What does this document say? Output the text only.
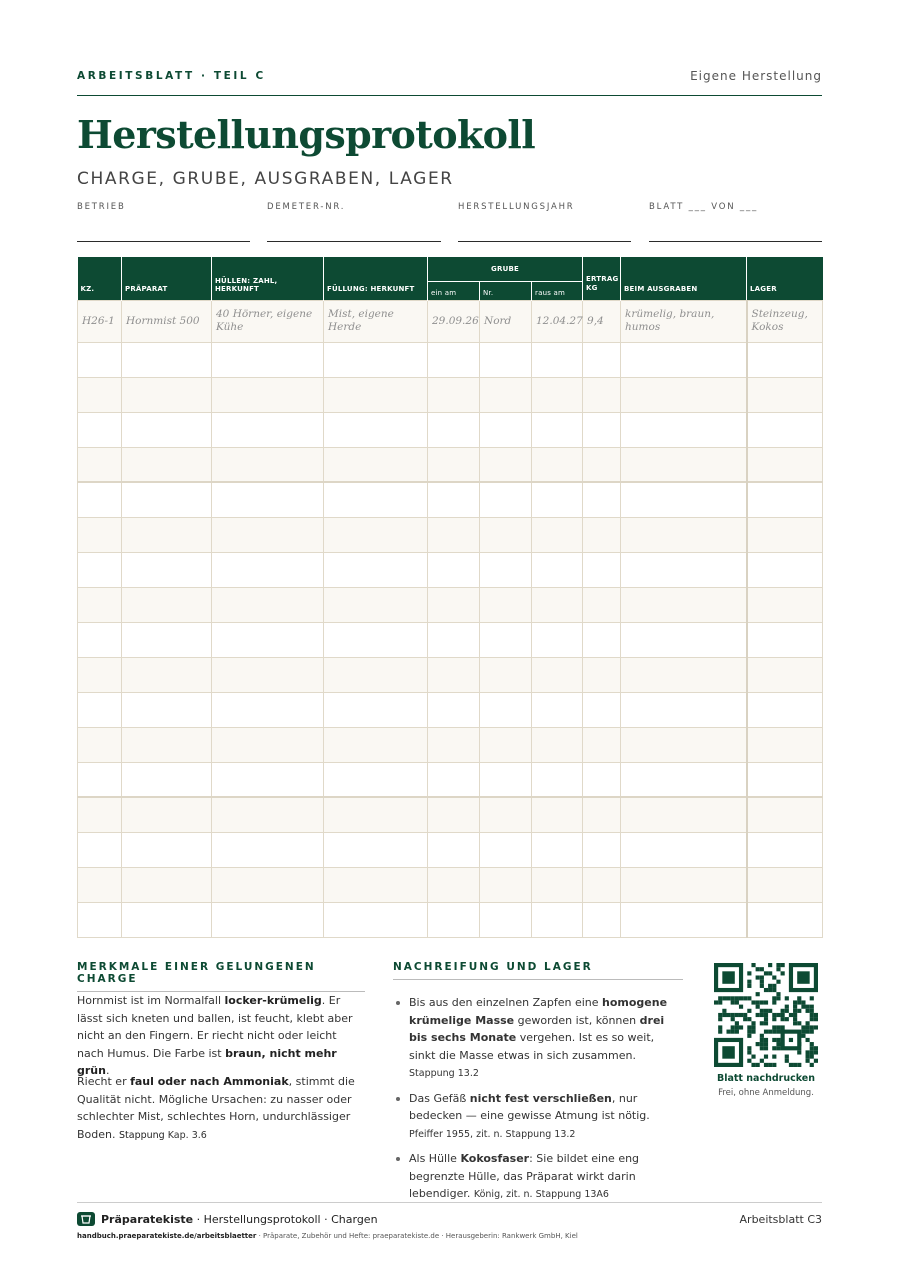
ARBEITSBLATT · TEIL C	Eigene Herstellung
Herstellungsprotokoll
CHARGE, GRUBE, AUSGRABEN, LAGER
BETRIEB	DEMETER-NR.	HERSTELLUNGSJAHR	BLATT ___ VON ___
KZ.	PRÄPARAT	HÜLLEN: ZAHL, HERKUNFT	FÜLLUNG: HERKUNFT	GRUBE			ERTRAG KG	BEIM AUSGRABEN	LAGER
				ein am	Nr.	raus am			
H26-1	Hornmist 500	40 Hörner, eigene Kühe	Mist, eigene Herde	29.09.26	Nord	12.04.27	9,4	krümelig, braun, humos	Steinzeug, Kokos

MERKMALE EINER GELUNGENEN CHARGE

Hornmist ist im Normalfall locker-krümelig. Er lässt sich kneten und ballen, ist feucht, klebt aber nicht an den Fingern. Er riecht nicht oder leicht nach Humus. Die Farbe ist braun, nicht mehr grün.

Riecht er faul oder nach Ammoniak, stimmt die Qualität nicht. Mögliche Ursachen: zu nasser oder schlechter Mist, schlechtes Horn, undurchlässiger Boden. Stappung Kap. 3.6

NACHREIFUNG UND LAGER
Bis aus den einzelnen Zapfen eine homogene krümelige Masse geworden ist, können drei bis sechs Monate vergehen. Ist es so weit, sinkt die Masse etwas in sich zusammen. Stappung 13.2
Das Gefäß nicht fest verschließen, nur bedecken — eine gewisse Atmung ist nötig. Pfeiffer 1955, zit. n. Stappung 13.2
Als Hülle Kokosfaser: Sie bildet eine eng begrenzte Hülle, das Präparat wirkt darin lebendiger. König, zit. n. Stappung 13A6
Blatt nachdrucken
Frei, ohne Anmeldung.
Präparatekiste · Herstellungsprotokoll · Chargen	Arbeitsblatt C3
handbuch.praeparatekiste.de/arbeitsblaetter · Präparate, Zubehör und Hefte: praeparatekiste.de · Herausgeberin: Rankwerk GmbH, Kiel
